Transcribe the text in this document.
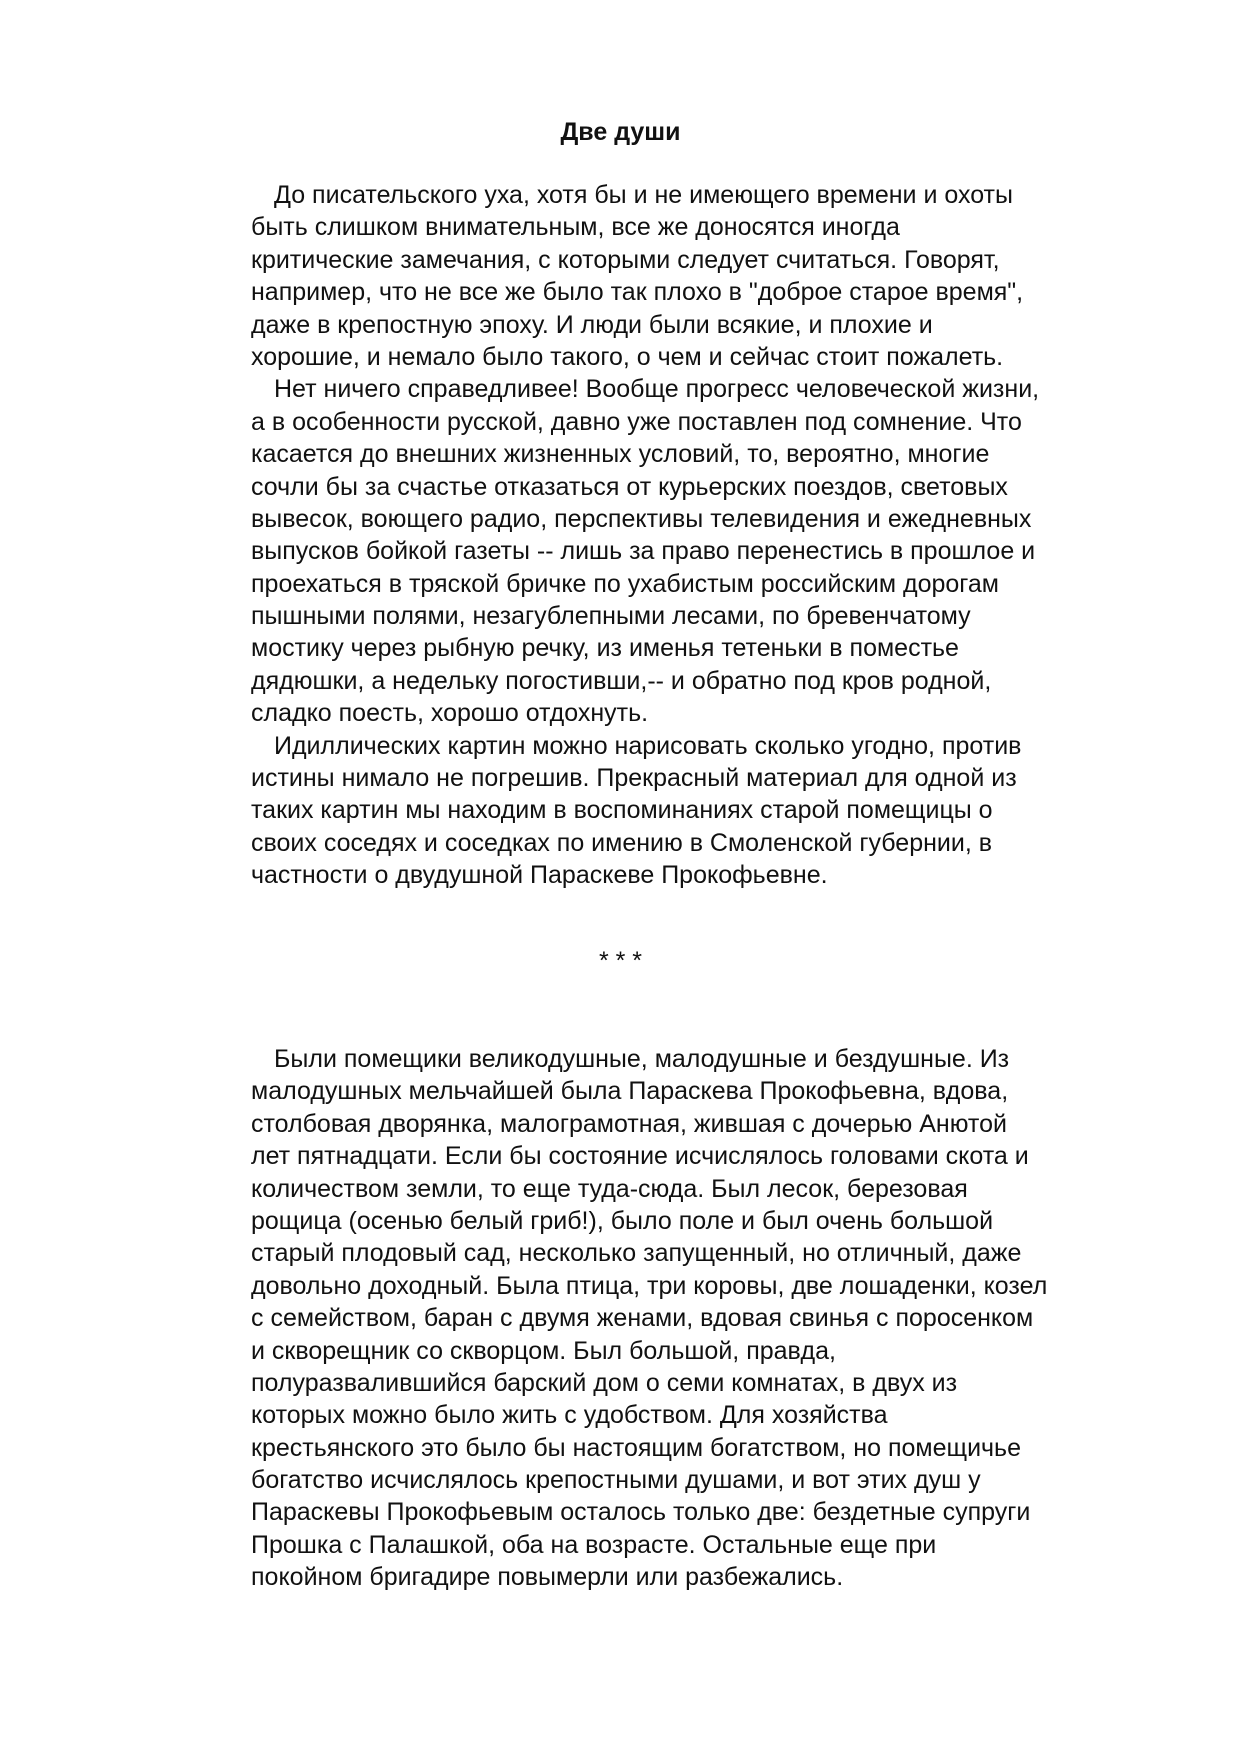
Две души
До писательского уха, хотя бы и не имеющего времени и охоты
быть слишком внимательным, все же доносятся иногда
критические замечания, с которыми следует считаться. Говорят,
например, что не все же было так плохо в "доброе старое время",
даже в крепостную эпоху. И люди были всякие, и плохие и
хорошие, и немало было такого, о чем и сейчас стоит пожалеть.
Нет ничего справедливее! Вообще прогресс человеческой жизни,
а в особенности русской, давно уже поставлен под сомнение. Что
касается до внешних жизненных условий, то, вероятно, многие
сочли бы за счастье отказаться от курьерских поездов, световых
вывесок, воющего радио, перспективы телевидения и ежедневных
выпусков бойкой газеты -- лишь за право перенестись в прошлое и
проехаться в тряской бричке по ухабистым российским дорогам
пышными полями, незагублепными лесами, по бревенчатому
мостику через рыбную речку, из именья тетеньки в поместье
дядюшки, а недельку погостивши,-- и обратно под кров родной,
сладко поесть, хорошо отдохнуть.
Идиллических картин можно нарисовать сколько угодно, против
истины нимало не погрешив. Прекрасный материал для одной из
таких картин мы находим в воспоминаниях старой помещицы о
своих соседях и соседках по имению в Смоленской губернии, в
частности о двудушной Параскеве Прокофьевне.
* * *
Были помещики великодушные, малодушные и бездушные. Из
малодушных мельчайшей была Параскева Прокофьевна, вдова,
столбовая дворянка, малограмотная, жившая с дочерью Анютой
лет пятнадцати. Если бы состояние исчислялось головами скота и
количеством земли, то еще туда-сюда. Был лесок, березовая
рощица (осенью белый гриб!), было поле и был очень большой
старый плодовый сад, несколько запущенный, но отличный, даже
довольно доходный. Была птица, три коровы, две лошаденки, козел
с семейством, баран с двумя женами, вдовая свинья с поросенком
и скворещник со скворцом. Был большой, правда,
полуразвалившийся барский дом о семи комнатах, в двух из
которых можно было жить с удобством. Для хозяйства
крестьянского это было бы настоящим богатством, но помещичье
богатство исчислялось крепостными душами, и вот этих душ у
Параскевы Прокофьевым осталось только две: бездетные супруги
Прошка с Палашкой, оба на возрасте. Остальные еще при
покойном бригадире повымерли или разбежались.
